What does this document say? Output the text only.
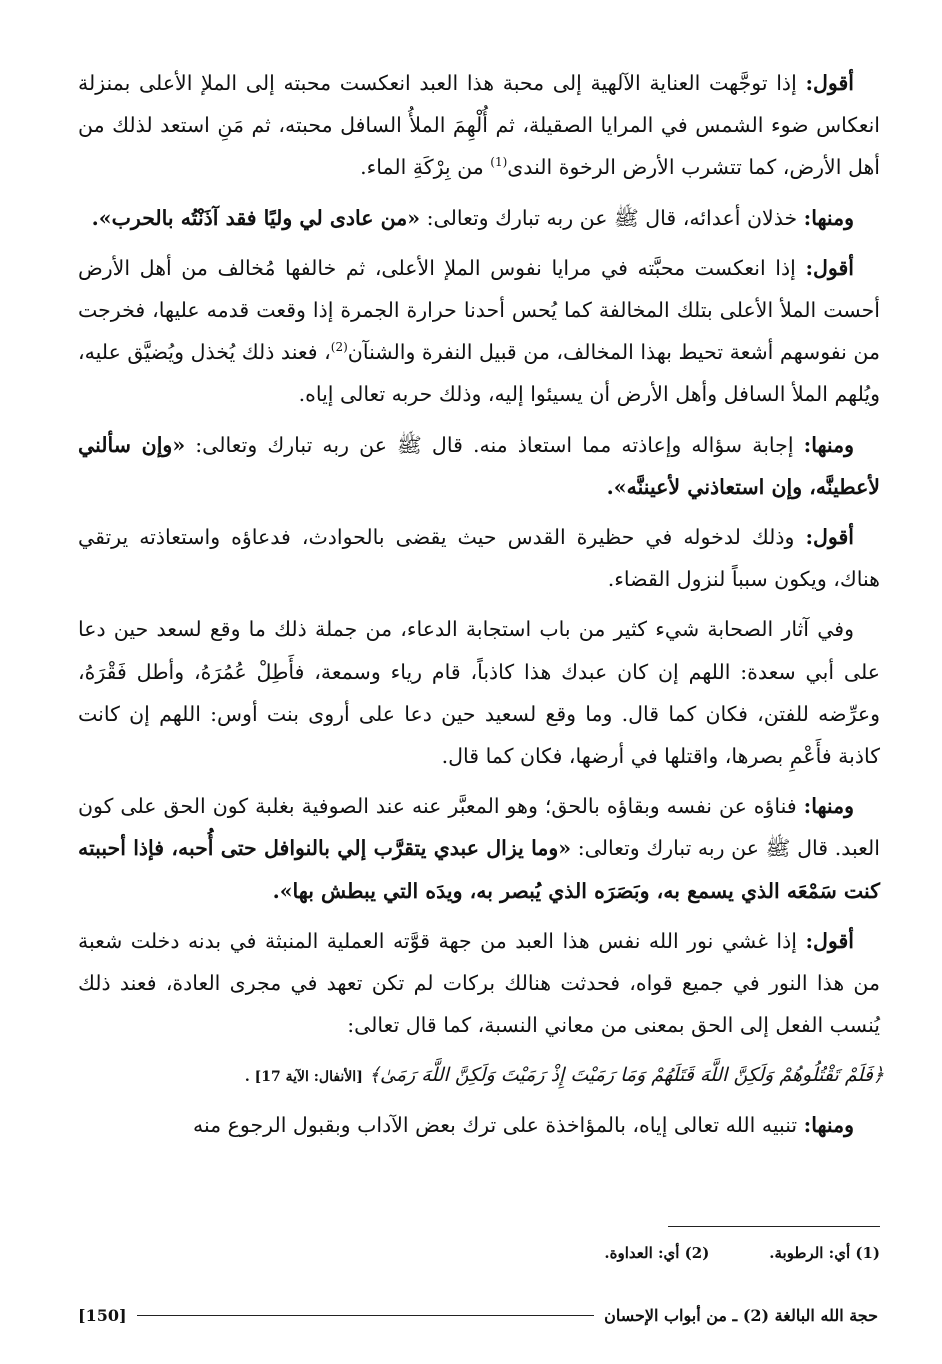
أقول: إذا توجَّهت العناية الآلهية إلى محبة هذا العبد انعكست محبته إلى الملإ الأعلى بمنزلة انعكاس ضوء الشمس في المرايا الصقيلة، ثم أُلْهِمَ الملأُ السافل محبته، ثم مَنِ استعد لذلك من أهل الأرض، كما تتشرب الأرض الرخوة الندى$^{(1)}$ من بِرْكَةِ الماء.

ومنها: خذلان أعدائه، قال ﷺ عن ربه تبارك وتعالى: «من عادى لي وليًا فقد آذَنْتُه بالحرب».

أقول: إذا انعكست محبَّته في مرايا نفوس الملإ الأعلى، ثم خالفها مُخالف من أهل الأرض أحست الملأ الأعلى بتلك المخالفة كما يُحس أحدنا حرارة الجمرة إذا وقعت قدمه عليها، فخرجت من نفوسهم أشعة تحيط بهذا المخالف، من قبيل النفرة والشنآن$^{(2)}$، فعند ذلك يُخذل ويُضيَّق عليه، ويُلهم الملأ السافل وأهل الأرض أن يسيئوا إليه، وذلك حربه تعالى إياه.

ومنها: إجابة سؤاله وإعاذته مما استعاذ منه. قال ﷺ عن ربه تبارك وتعالى: «وإن سألني لأعطينَّه، وإن استعاذني لأعيننَّه».

أقول: وذلك لدخوله في حظيرة القدس حيث يقضى بالحوادث، فدعاؤه واستعاذته يرتقي هناك، ويكون سبباً لنزول القضاء.

وفي آثار الصحابة شيء كثير من باب استجابة الدعاء، من جملة ذلك ما وقع لسعد حين دعا على أبي سعدة: اللهم إن كان عبدك هذا كاذباً، قام رياء وسمعة، فأَطِلْ عُمُرَهُ، وأطل فَقْرَهُ، وعرِّضه للفتن، فكان كما قال. وما وقع لسعيد حين دعا على أروى بنت أوس: اللهم إن كانت كاذبة فأَعْمِ بصرها، واقتلها في أرضها، فكان كما قال.

ومنها: فناؤه عن نفسه وبقاؤه بالحق؛ وهو المعبَّر عنه عند الصوفية بغلبة كون الحق على كون العبد. قال ﷺ عن ربه تبارك وتعالى: «وما يزال عبدي يتقرَّب إلي بالنوافل حتى أُحبه، فإذا أحببته كنت سَمْعَه الذي يسمع به، وبَصَرَه الذي يُبصر به، ويدَه التي يبطش بها».

أقول: إذا غشي نور الله نفس هذا العبد من جهة قوَّته العملية المنبثة في بدنه دخلت شعبة من هذا النور في جميع قواه، فحدثت هنالك بركات لم تكن تعهد في مجرى العادة، فعند ذلك يُنسب الفعل إلى الحق بمعنى من معاني النسبة، كما قال تعالى:

﴿فَلَمْ تَقْتُلُوهُمْ وَلَكِنَّ اللَّهَ قَتَلَهُمْ وَمَا رَمَيْتَ إِذْ رَمَيْتَ وَلَكِنَّ اللَّهَ رَمَىٰ﴾ [الأنفال: الآية 17] .

ومنها: تنبيه الله تعالى إياه، بالمؤاخذة على ترك بعض الآداب وبقبول الرجوع منه

(1) أي: الرطوبة.
(2) أي: العداوة.
حجة الله البالغة (2) ـ من أبواب الإحسان
[150]
